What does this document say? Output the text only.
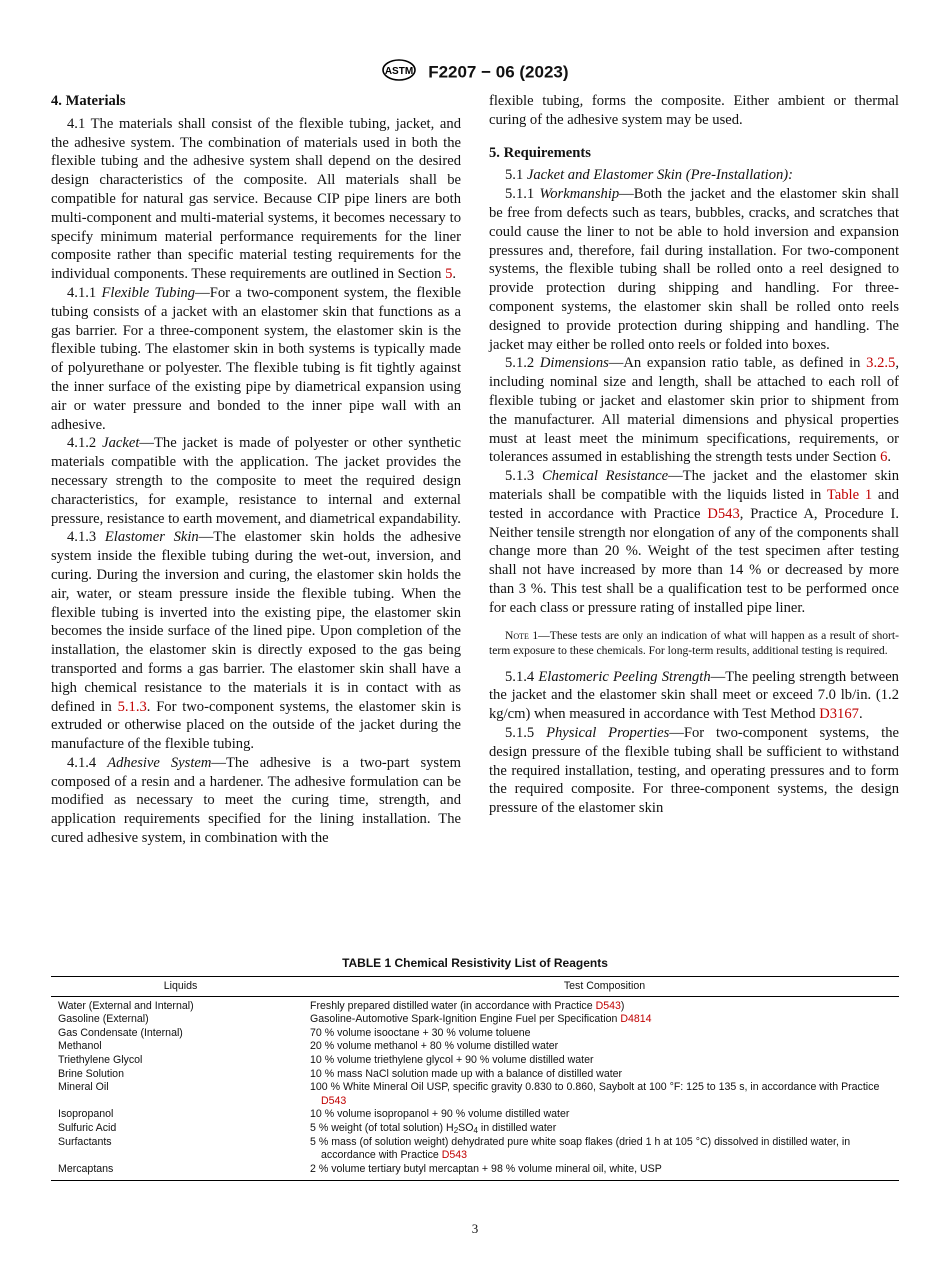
ASTM F2207 − 06 (2023)
4. Materials

4.1 The materials shall consist of the flexible tubing, jacket, and the adhesive system. The combination of materials used in both the flexible tubing and the adhesive system shall depend on the desired design characteristics of the composite. All materials shall be compatible for natural gas service. Because CIP pipe liners are both multi-component and multi-material systems, it becomes necessary to specify minimum material performance requirements for the liner composite rather than specific material testing requirements for the individual components. These requirements are outlined in Section 5.

4.1.1 Flexible Tubing—For a two-component system, the flexible tubing consists of a jacket with an elastomer skin that functions as a gas barrier. For a three-component system, the elastomer skin is the flexible tubing. The elastomer skin in both systems is typically made of polyurethane or polyester. The flexible tubing is fit tightly against the inner surface of the existing pipe by diametrical expansion using air or water pressure and bonded to the inner pipe wall with an adhesive.

4.1.2 Jacket—The jacket is made of polyester or other synthetic materials compatible with the application. The jacket provides the necessary strength to the composite to meet the required design characteristics, for example, resistance to internal and external pressure, resistance to earth movement, and diametrical expandability.

4.1.3 Elastomer Skin—The elastomer skin holds the adhesive system inside the flexible tubing during the wet-out, inversion, and curing. During the inversion and curing, the elastomer skin holds the air, water, or steam pressure inside the flexible tubing. When the flexible tubing is inverted into the existing pipe, the elastomer skin becomes the inside surface of the lined pipe. Upon completion of the installation, the elastomer skin is directly exposed to the gas being transported and forms a gas barrier. The elastomer skin shall have a high chemical resistance to the materials it is in contact with as defined in 5.1.3. For two-component systems, the elastomer skin is extruded or otherwise placed on the outside of the jacket during the manufacture of the flexible tubing.

4.1.4 Adhesive System—The adhesive is a two-part system composed of a resin and a hardener. The adhesive formulation can be modified as necessary to meet the curing time, strength, and application requirements specified for the lining installation. The cured adhesive system, in combination with the

flexible tubing, forms the composite. Either ambient or thermal curing of the adhesive system may be used.

5. Requirements

5.1 Jacket and Elastomer Skin (Pre-Installation):

5.1.1 Workmanship—Both the jacket and the elastomer skin shall be free from defects such as tears, bubbles, cracks, and scratches that could cause the liner to not be able to hold inversion and expansion pressures and, therefore, fail during installation. For two-component systems, the flexible tubing shall be rolled onto a reel designed to provide protection during shipping and handling. For three-component systems, the elastomer skin shall be rolled onto reels designed to provide protection during shipping and handling. The jacket may either be rolled onto reels or folded into boxes.

5.1.2 Dimensions—An expansion ratio table, as defined in 3.2.5, including nominal size and length, shall be attached to each roll of flexible tubing or jacket and elastomer skin prior to shipment from the manufacturer. All material dimensions and physical properties must at least meet the minimum specifications, requirements, or tolerances assumed in establishing the strength tests under Section 6.

5.1.3 Chemical Resistance—The jacket and the elastomer skin materials shall be compatible with the liquids listed in Table 1 and tested in accordance with Practice D543, Practice A, Procedure I. Neither tensile strength nor elongation of any of the components shall change more than 20 %. Weight of the test specimen after testing shall not have increased by more than 14 % or decreased by more than 3 %. This test shall be a qualification test to be performed once for each class or pressure rating of installed pipe liner.

Note 1—These tests are only an indication of what will happen as a result of short-term exposure to these chemicals. For long-term results, additional testing is required.

5.1.4 Elastomeric Peeling Strength—The peeling strength between the jacket and the elastomer skin shall meet or exceed 7.0 lb/in. (1.2 kg/cm) when measured in accordance with Test Method D3167.

5.1.5 Physical Properties—For two-component systems, the design pressure of the flexible tubing shall be sufficient to withstand the required installation, testing, and operating pressures and to form the required composite. For three-component systems, the design pressure of the elastomer skin

TABLE 1 Chemical Resistivity List of Reagents
Liquids	Test Composition
Water (External and Internal)	Freshly prepared distilled water (in accordance with Practice D543)
Gasoline (External)	Gasoline-Automotive Spark-Ignition Engine Fuel per Specification D4814
Gas Condensate (Internal)	70 % volume isooctane + 30 % volume toluene
Methanol	20 % volume methanol + 80 % volume distilled water
Triethylene Glycol	10 % volume triethylene glycol + 90 % volume distilled water
Brine Solution	10 % mass NaCl solution made up with a balance of distilled water
Mineral Oil	100 % White Mineral Oil USP, specific gravity 0.830 to 0.860, Saybolt at 100 °F: 125 to 135 s, in accordance with Practice D543
Isopropanol	10 % volume isopropanol + 90 % volume distilled water
Sulfuric Acid	5 % weight (of total solution) $H_2SO_4$ in distilled water
Surfactants	5 % mass (of solution weight) dehydrated pure white soap flakes (dried 1 h at 105 °C) dissolved in distilled water, in accordance with Practice D543
Mercaptans	2 % volume tertiary butyl mercaptan + 98 % volume mineral oil, white, USP
3
